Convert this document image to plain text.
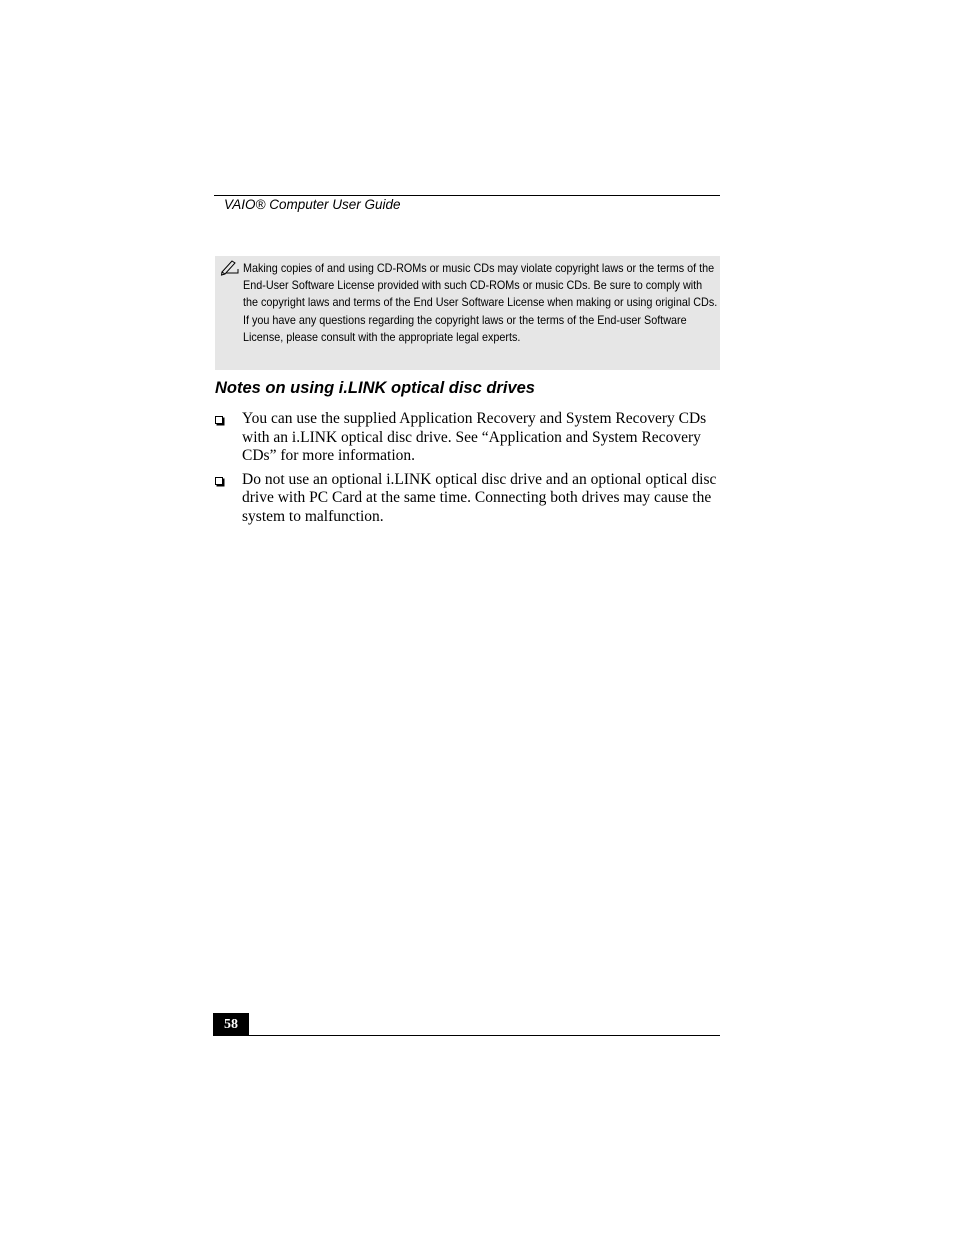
VAIO® Computer User Guide

Making copies of and using CD-ROMs or music CDs may violate copyright laws or the terms of the End-User Software License provided with such CD-ROMs or music CDs. Be sure to comply with the copyright laws and terms of the End User Software License when making or using original CDs. If you have any questions regarding the copyright laws or the terms of the End-user Software License, please consult with the appropriate legal experts.

Notes on using i.LINK optical disc drives
You can use the supplied Application Recovery and System Recovery CDs with an i.LINK optical disc drive. See “Application and System Recovery CDs” for more information.
Do not use an optional i.LINK optical disc drive and an optional optical disc drive with PC Card at the same time. Connecting both drives may cause the system to malfunction.
58
